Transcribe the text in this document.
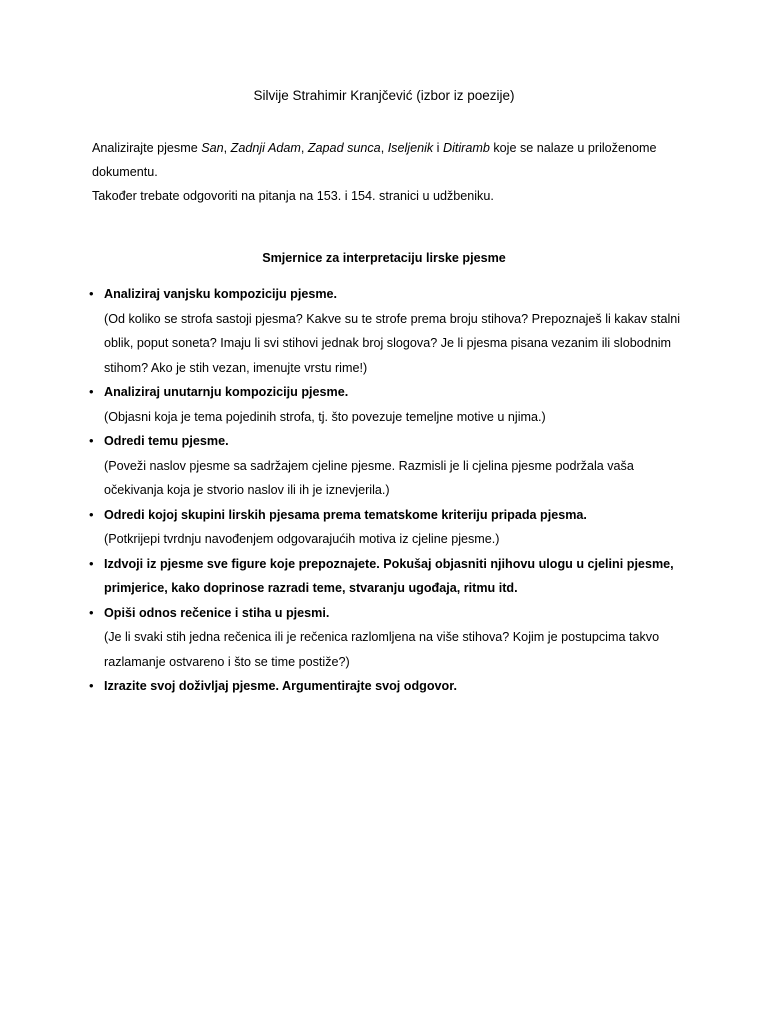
Silvije Strahimir Kranjčević (izbor iz poezije)

Analizirajte pjesme San, Zadnji Adam, Zapad sunca, Iseljenik i Ditiramb koje se nalaze u priloženome dokumentu.

Također trebate odgovoriti na pitanja na 153. i 154. stranici u udžbeniku.

Smjernice za interpretaciju lirske pjesme
• Analiziraj vanjsku kompoziciju pjesme.
(Od koliko se strofa sastoji pjesma? Kakve su te strofe prema broju stihova? Prepoznaješ li kakav stalni oblik, poput soneta? Imaju li svi stihovi jednak broj slogova? Je li pjesma pisana vezanim ili slobodnim stihom? Ako je stih vezan, imenujte vrstu rime!)
• Analiziraj unutarnju kompoziciju pjesme.
(Objasni koja je tema pojedinih strofa, tj. što povezuje temeljne motive u njima.)
• Odredi temu pjesme.
(Poveži naslov pjesme sa sadržajem cjeline pjesme. Razmisli je li cjelina pjesme podržala vaša očekivanja koja je stvorio naslov ili ih je iznevjerila.)
• Odredi kojoj skupini lirskih pjesama prema tematskome kriteriju pripada pjesma.
(Potkrijepi tvrdnju navođenjem odgovarajućih motiva iz cjeline pjesme.)
• Izdvoji iz pjesme sve figure koje prepoznajete. Pokušaj objasniti njihovu ulogu u cjelini pjesme, primjerice, kako doprinose razradi teme, stvaranju ugođaja, ritmu itd.
• Opiši odnos rečenice i stiha u pjesmi.
(Je li svaki stih jedna rečenica ili je rečenica razlomljena na više stihova? Kojim je postupcima takvo razlamanje ostvareno i što se time postiže?)
• Izrazite svoj doživljaj pjesme. Argumentirajte svoj odgovor.
